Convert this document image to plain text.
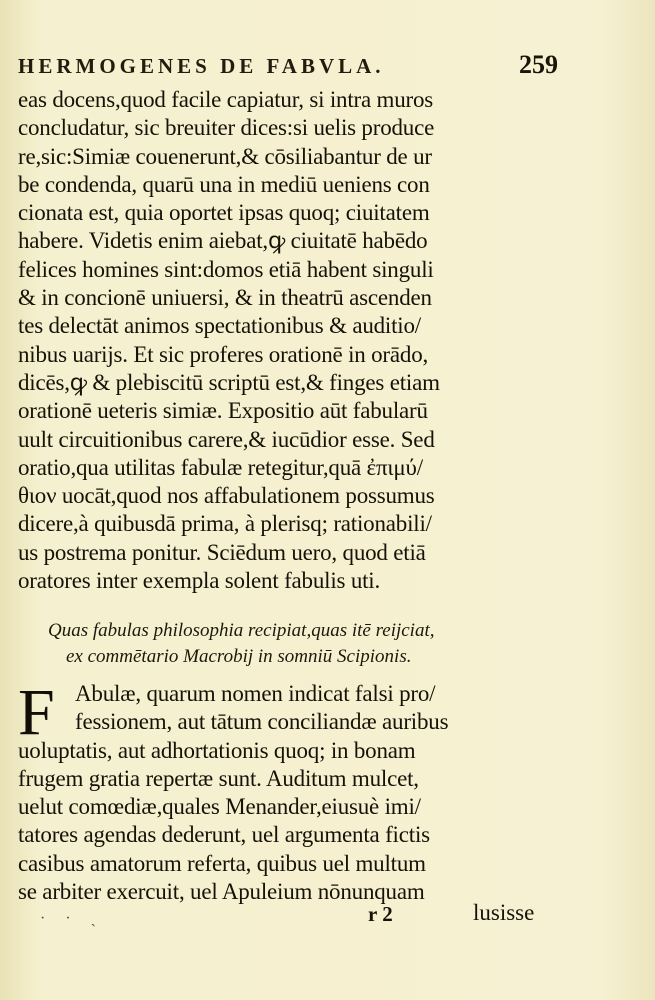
HERMOGENES DE FABVLA.	259
eas docens,quod facile capiatur, si intra muros
concludatur, sic breuiter dices:si uelis produce
re,sic:Simiæ couenerunt,& cōsiliabantur de ur
be condenda, quarū una in mediū ueniens con
cionata est, quia oportet ipsas quoq; ciuitatem
habere. Videtis enim aiebat,ꝙ ciuitatē habēdo
felices homines sint:domos etiā habent singuli
& in concionē uniuersi, & in theatrū ascenden
tes delectāt animos spectationibus & auditio/
nibus uarijs. Et sic proferes orationē in orādo,
dicēs,ꝙ & plebiscitū scriptū est,& finges etiam
orationē ueteris simiæ. Expositio aūt fabularū
uult circuitionibus carere,& iucūdior esse. Sed
oratio,qua utilitas fabulæ retegitur,quā ἐπιμύ/
θιον uocāt,quod nos affabulationem possumus
dicere,à quibusdā prima, à plerisq; rationabili/
us postrema ponitur. Sciēdum uero, quod etiā
oratores inter exempla solent fabulis uti.
Quas fabulas philosophia recipiat,quas itē reijciat,
ex commētario Macrobij in somniū Scipionis.
F Abulæ, quarum nomen indicat falsi pro/
fessionem, aut tātum conciliandæ auribus
uoluptatis, aut adhortationis quoq; in bonam
frugem gratia repertæ sunt. Auditum mulcet,
uelut comœdiæ,quales Menander,eiusuè imi/
tatores agendas dederunt, uel argumenta fictis
casibus amatorum referta, quibus uel multum
se arbiter exercuit, uel Apuleium nōnunquam
· · ˏ	r 2	lusisse
